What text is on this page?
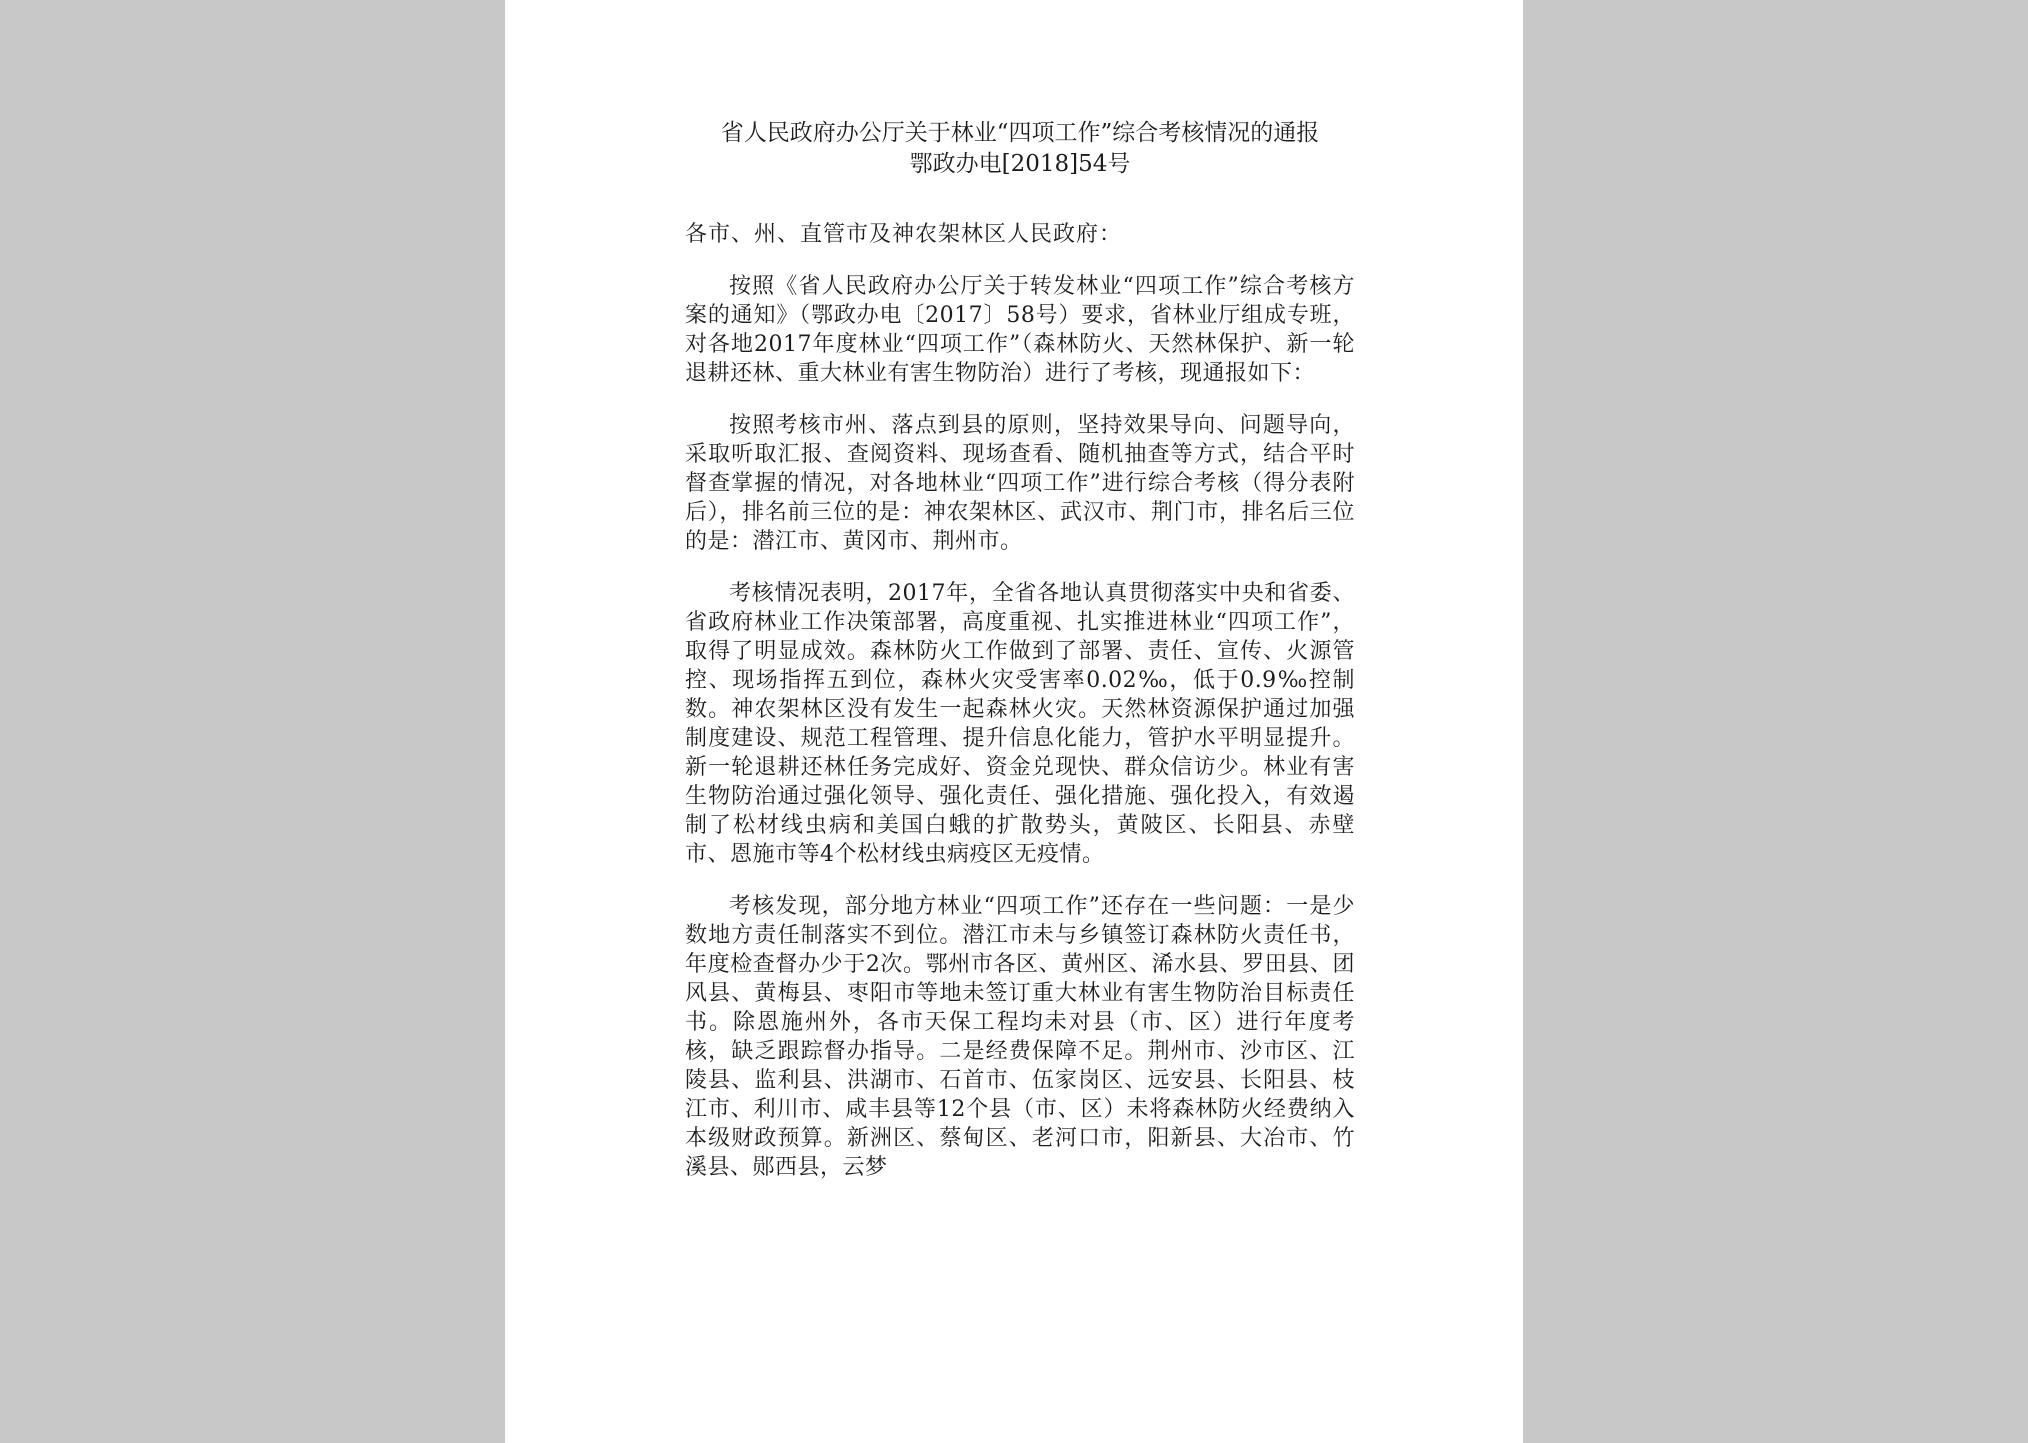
省人民政府办公厅关于林业“四项工作”综合考核情况的通报
鄂政办电[2018]54号

各市、州、直管市及神农架林区人民政府：

按照《省人民政府办公厅关于转发林业“四项工作”综合考核方案的通知》（鄂政办电〔2017〕58号）要求，省林业厅组成专班，对各地2017年度林业“四项工作”（森林防火、天然林保护、新一轮退耕还林、重大林业有害生物防治）进行了考核，现通报如下：

按照考核市州、落点到县的原则，坚持效果导向、问题导向，采取听取汇报、查阅资料、现场查看、随机抽查等方式，结合平时督查掌握的情况，对各地林业“四项工作”进行综合考核（得分表附后），排名前三位的是：神农架林区、武汉市、荆门市，排名后三位的是：潜江市、黄冈市、荆州市。

考核情况表明，2017年，全省各地认真贯彻落实中央和省委、省政府林业工作决策部署，高度重视、扎实推进林业“四项工作”，取得了明显成效。森林防火工作做到了部署、责任、宣传、火源管控、现场指挥五到位，森林火灾受害率0.02‰，低于0.9‰控制数。神农架林区没有发生一起森林火灾。天然林资源保护通过加强制度建设、规范工程管理、提升信息化能力，管护水平明显提升。新一轮退耕还林任务完成好、资金兑现快、群众信访少。林业有害生物防治通过强化领导、强化责任、强化措施、强化投入，有效遏制了松材线虫病和美国白蛾的扩散势头，黄陂区、长阳县、赤壁市、恩施市等4个松材线虫病疫区无疫情。

考核发现，部分地方林业“四项工作”还存在一些问题：一是少数地方责任制落实不到位。潜江市未与乡镇签订森林防火责任书，年度检查督办少于2次。鄂州市各区、黄州区、浠水县、罗田县、团风县、黄梅县、枣阳市等地未签订重大林业有害生物防治目标责任书。除恩施州外，各市天保工程均未对县（市、区）进行年度考核，缺乏跟踪督办指导。二是经费保障不足。荆州市、沙市区、江陵县、监利县、洪湖市、石首市、伍家岗区、远安县、长阳县、枝江市、利川市、咸丰县等12个县（市、区）未将森林防火经费纳入本级财政预算。新洲区、蔡甸区、老河口市，阳新县、大冶市、竹溪县、郧西县，云梦
